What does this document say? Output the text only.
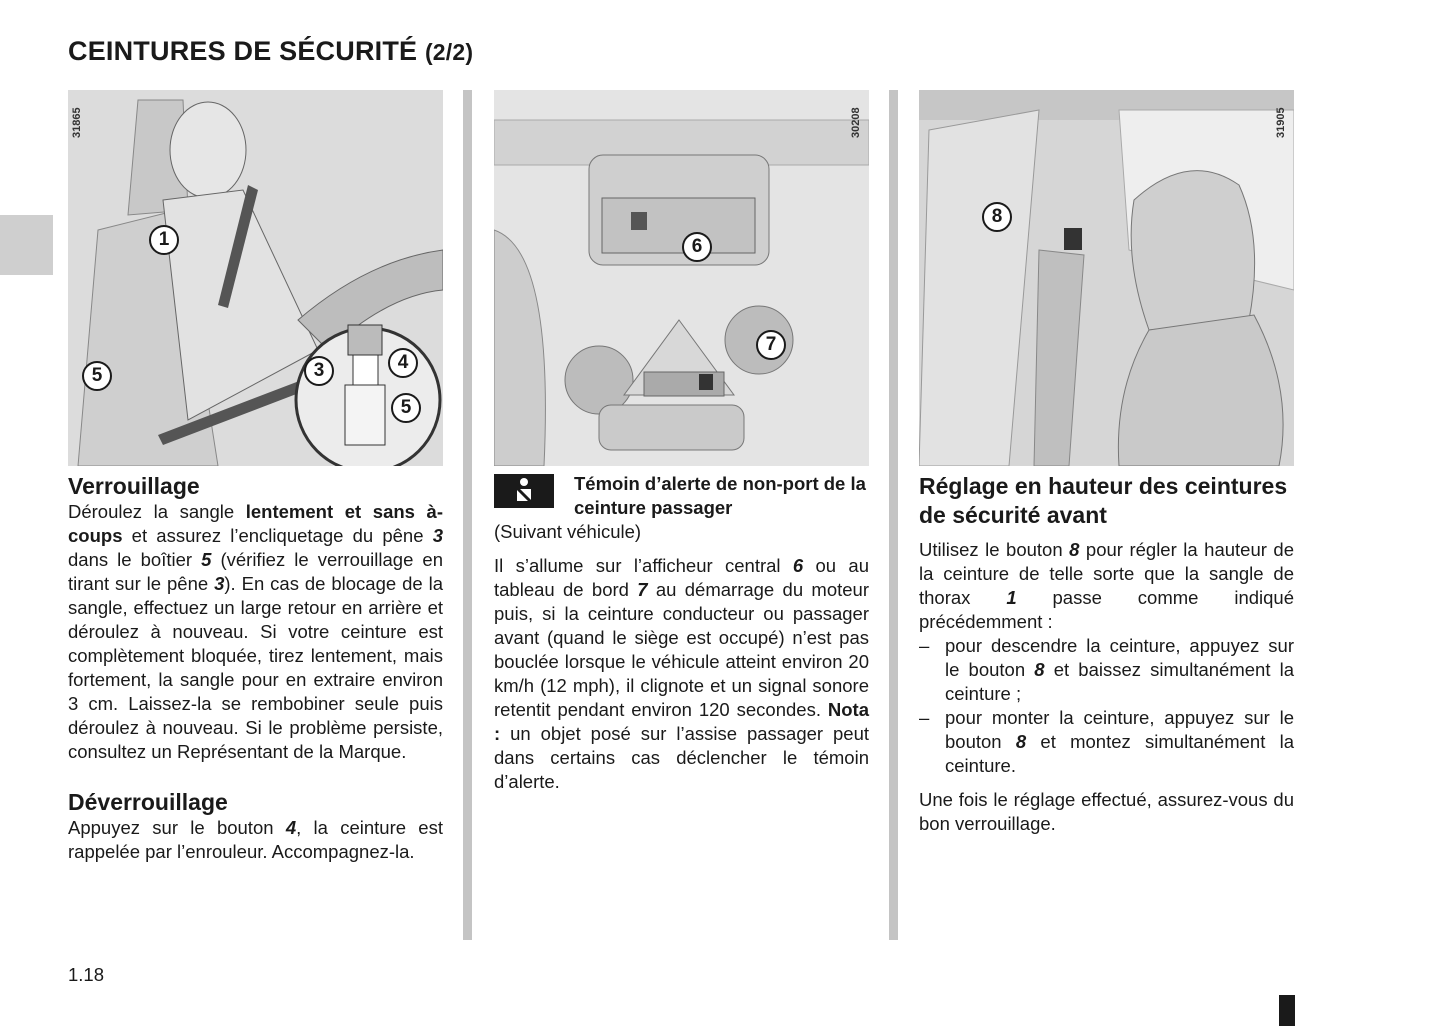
CEINTURES DE SÉCURITÉ (2/2)
31865
1
3	4
5
5
30208
6
7
31905
8
Verrouillage

Déroulez la sangle lentement et sans à-coups et assurez l’encliquetage du pêne 3 dans le boîtier 5 (vérifiez le verrouillage en tirant sur le pêne 3). En cas de blocage de la sangle, effectuez un large retour en arrière et déroulez à nouveau. Si votre ceinture est complètement bloquée, tirez lentement, mais fortement, la sangle pour en extraire environ 3 cm. Laissez-la se rembobiner seule puis déroulez à nouveau. Si le problème persiste, consultez un Représentant de la Marque.

Déverrouillage

Appuyez sur le bouton 4, la ceinture est rappelée par l’enrouleur. Accompagnez-la.

Témoin d’alerte de non-port de la ceinture passager

(Suivant véhicule)

Il s’allume sur l’afficheur central 6 ou au tableau de bord 7 au démarrage du moteur puis, si la ceinture conducteur ou passager avant (quand le siège est occupé) n’est pas bouclée lorsque le véhicule atteint environ 20 km/h (12 mph), il clignote et un signal sonore retentit pendant environ 120 secondes. Nota : un objet posé sur l’assise passager peut dans certains cas déclencher le témoin d’alerte.

Réglage en hauteur des ceintures de sécurité avant

Utilisez le bouton 8 pour régler la hauteur de la ceinture de telle sorte que la sangle de thorax 1 passe comme indiqué précédemment :

– pour descendre la ceinture, appuyez sur le bouton 8 et baissez simultanément la ceinture ;

– pour monter la ceinture, appuyez sur le bouton 8 et montez simultanément la ceinture.

Une fois le réglage effectué, assurez-vous du bon verrouillage.

1.18
